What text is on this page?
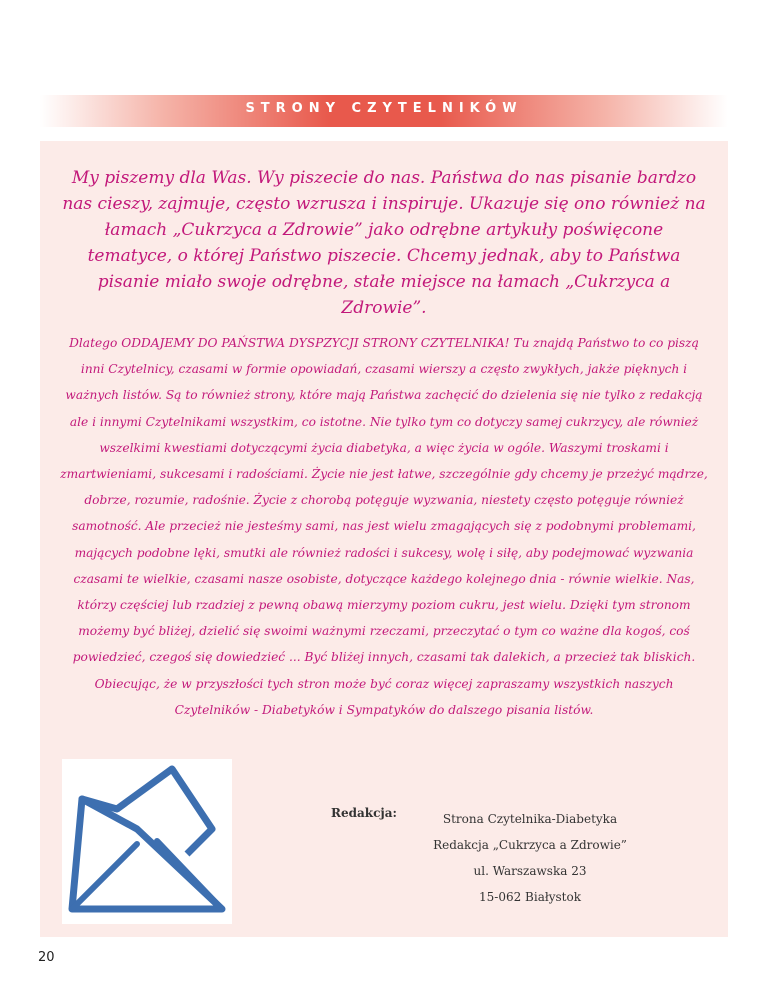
STRONY CZYTELNIKÓW
My piszemy dla Was. Wy piszecie do nas. Państwa do nas pisanie bardzo nas cieszy, zajmuje, często wzrusza i inspiruje. Ukazuje się ono również na łamach „Cukrzyca a Zdrowie” jako odrębne artykuły poświęcone tematyce, o której Państwo piszecie. Chcemy jednak, aby to Państwa pisanie miało swoje odrębne, stałe miejsce na łamach „Cukrzyca a Zdrowie”.
Dlatego ODDAJEMY DO PAŃSTWA DYSPZYCJI STRONY CZYTELNIKA! Tu znajdą Państwo to co piszą inni Czytelnicy, czasami w formie opowiadań, czasami wierszy a często zwykłych, jakże pięknych i ważnych listów. Są to również strony, które mają Państwa zachęcić do dzielenia się nie tylko z redakcją ale i innymi Czytelnikami wszystkim, co istotne. Nie tylko tym co dotyczy samej cukrzycy, ale również wszelkimi kwestiami dotyczącymi życia diabetyka, a więc życia w ogóle. Waszymi troskami i zmartwieniami, sukcesami i radościami. Życie nie jest łatwe, szczególnie gdy chcemy je przeżyć mądrze, dobrze, rozumie, radośnie. Życie z chorobą potęguje wyzwania, niestety często potęguje również samotność. Ale przecież nie jesteśmy sami, nas jest wielu zmagających się z podobnymi problemami, mających podobne lęki, smutki ale również radości i sukcesy, wolę i siłę, aby podejmować wyzwania czasami te wielkie, czasami nasze osobiste, dotyczące każdego kolejnego dnia - równie wielkie. Nas, którzy częściej lub rzadziej z pewną obawą mierzymy poziom cukru, jest wielu. Dzięki tym stronom możemy być bliżej, dzielić się swoimi ważnymi rzeczami, przeczytać o tym co ważne dla kogoś, coś powiedzieć, czegoś się dowiedzieć ... Być bliżej innych, czasami tak dalekich, a przecież tak bliskich. Obiecując, że w przyszłości tych stron może być coraz więcej zapraszamy wszystkich naszych Czytelników - Diabetyków i Sympatyków do dalszego pisania listów.
Redakcja:	Strona Czytelnika-Diabetyka
Redakcja „Cukrzyca a Zdrowie”
ul. Warszawska 23
15-062 Białystok
20
